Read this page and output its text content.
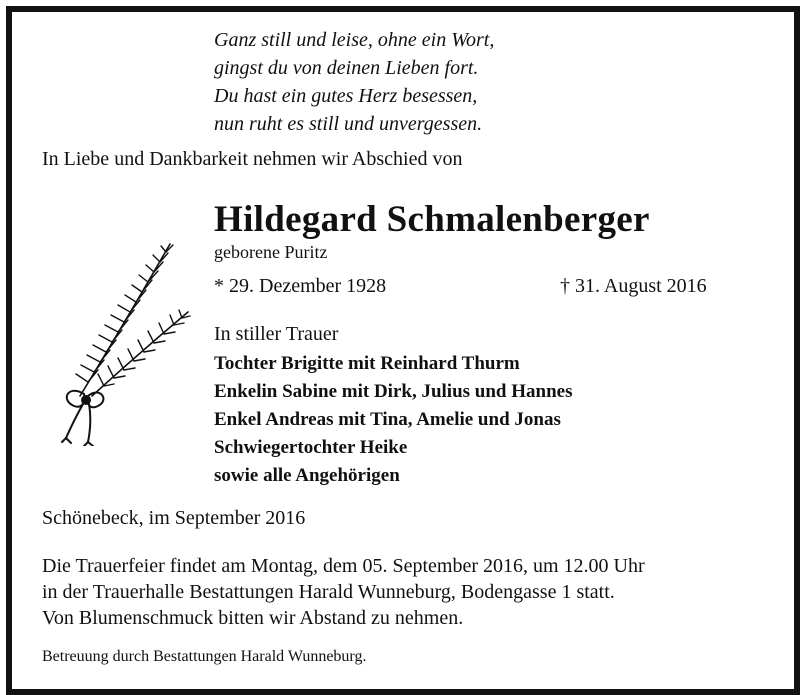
Ganz still und leise, ohne ein Wort,
gingst du von deinen Lieben fort.
Du hast ein gutes Herz besessen,
nun ruht es still und unvergessen.
In Liebe und Dankbarkeit nehmen wir Abschied von
Hildegard Schmalenberger
geborene Puritz
* 29. Dezember 1928	† 31. August 2016
In stiller Trauer
Tochter Brigitte mit Reinhard Thurm
Enkelin Sabine mit Dirk, Julius und Hannes
Enkel Andreas mit Tina, Amelie und Jonas
Schwiegertochter Heike
sowie alle Angehörigen
Schönebeck, im September 2016
Die Trauerfeier findet am Montag, dem 05. September 2016, um 12.00 Uhr
in der Trauerhalle Bestattungen Harald Wunneburg, Bodengasse 1 statt.
Von Blumenschmuck bitten wir Abstand zu nehmen.
Betreuung durch Bestattungen Harald Wunneburg.
